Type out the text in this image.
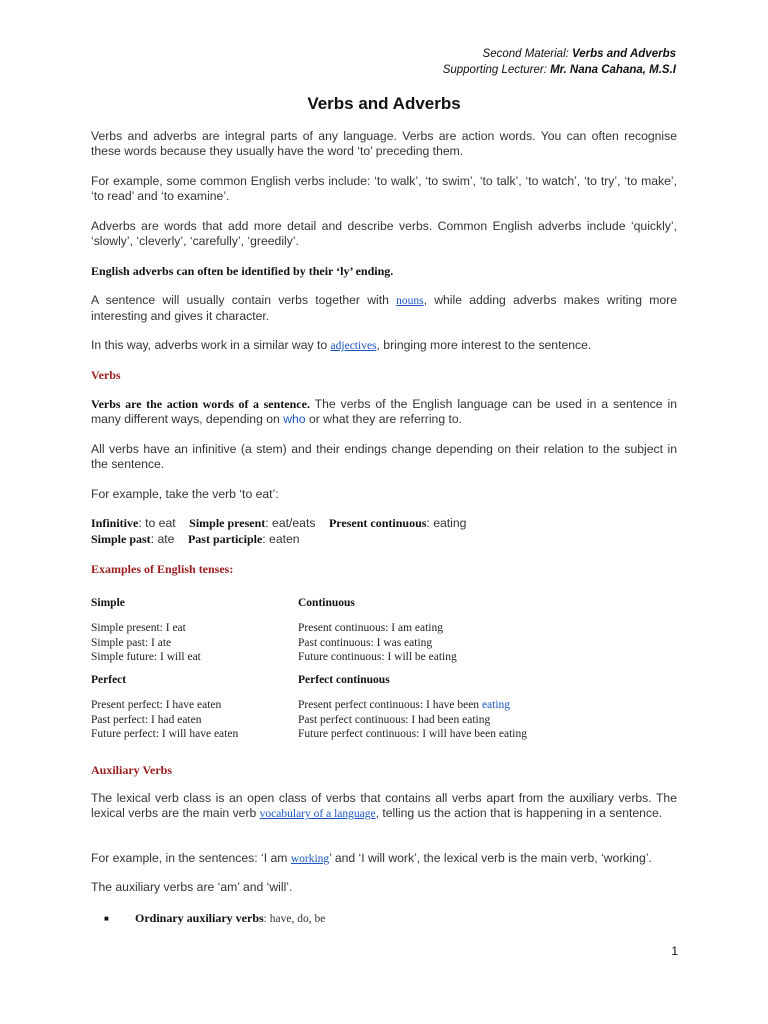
Second Material: Verbs and Adverbs
Supporting Lecturer: Mr. Nana Cahana, M.S.I
Verbs and Adverbs

Verbs and adverbs are integral parts of any language. Verbs are action words. You can often recognise these words because they usually have the word ‘to’ preceding them.

For example, some common English verbs include: ‘to walk’, ‘to swim’, ‘to talk’, ‘to watch’, ‘to try’, ‘to make’, ‘to read’ and ‘to examine’.

Adverbs are words that add more detail and describe verbs. Common English adverbs include ‘quickly’, ‘slowly’, ‘cleverly’, ‘carefully’, ‘greedily’.

English adverbs can often be identified by their ‘ly’ ending.

A sentence will usually contain verbs together with nouns, while adding adverbs makes writing more interesting and gives it character.

In this way, adverbs work in a similar way to adjectives, bringing more interest to the sentence.

Verbs

Verbs are the action words of a sentence. The verbs of the English language can be used in a sentence in many different ways, depending on who or what they are referring to.

All verbs have an infinitive (a stem) and their endings change depending on their relation to the subject in the sentence.

For example, take the verb ‘to eat’:

Infinitive: to eat Simple present: eat/eats Present continuous: eating

Simple past: ate Past participle: eaten

Examples of English tenses:
Simple	Continuous
Simple present: I eat
Simple past: I ate
Simple future: I will eat
Present continuous: I am eating
Past continuous: I was eating
Future continuous: I will be eating
Perfect	Perfect continuous
Present perfect: I have eaten
Past perfect: I had eaten
Future perfect: I will have eaten
Present perfect continuous: I have been eating
Past perfect continuous: I had been eating
Future perfect continuous: I will have been eating
Auxiliary Verbs

The lexical verb class is an open class of verbs that contains all verbs apart from the auxiliary verbs. The lexical verbs are the main verb vocabulary of a language, telling us the action that is happening in a sentence.

For example, in the sentences: ‘I am working’ and ‘I will work’, the lexical verb is the main verb, ‘working’.

The auxiliary verbs are ‘am’ and ‘will’.

■ Ordinary auxiliary verbs: have, do, be

1
